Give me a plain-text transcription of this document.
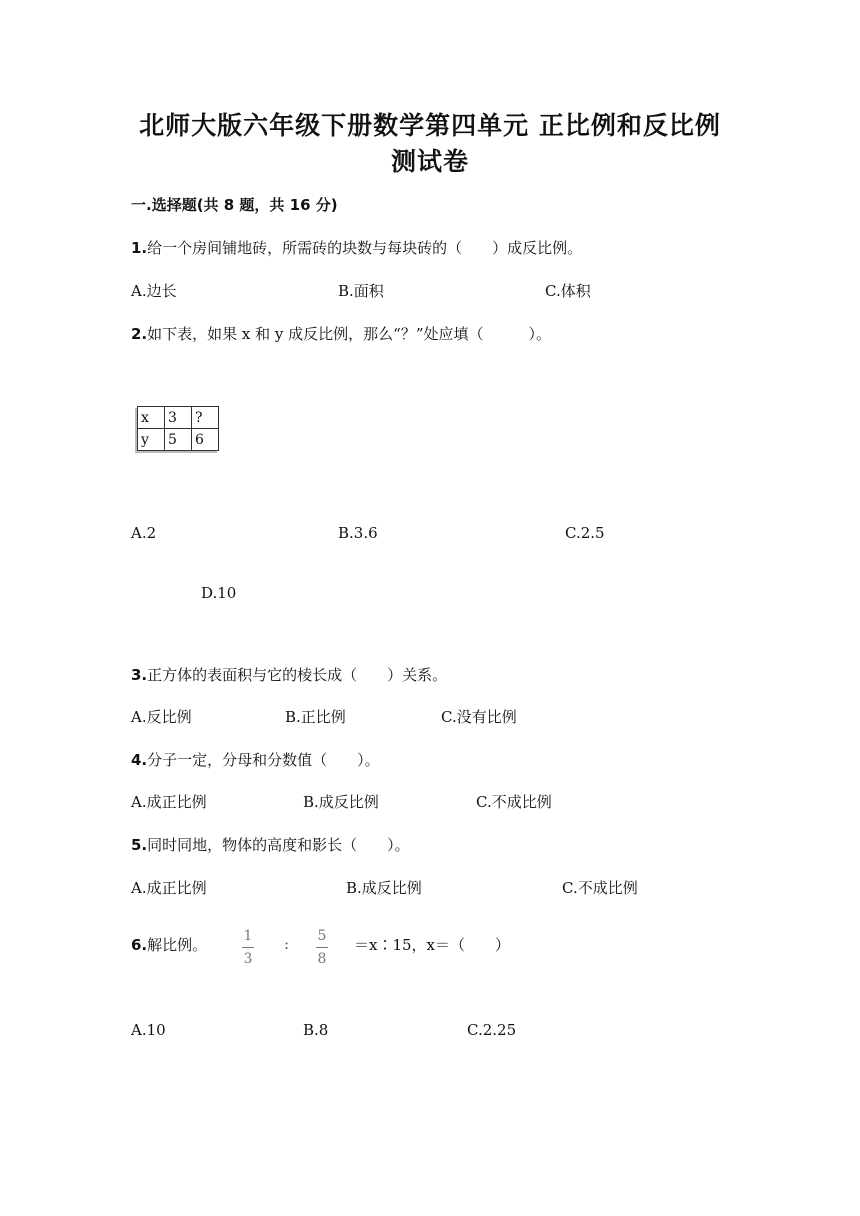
北师大版六年级下册数学第四单元 正比例和反比例
测试卷
一.选择题(共 8 题，共 16 分)
1.给一个房间铺地砖，所需砖的块数与每块砖的（　　）成反比例。
A.边长	B.面积	C.体积
2.如下表，如果 x 和 y 成反比例，那么“？”处应填（　　　）。
x	3	?
y	5	6
A.2	B.3.6	C.2.5
D.10
3.正方体的表面积与它的棱长成（　　）关系。
A.反比例	B.正比例	C.没有比例
4.分子一定，分母和分数值（　　）。
A.成正比例	B.成反比例	C.不成比例
5.同时同地，物体的高度和影长（　　）。
A.成正比例	B.成反比例	C.不成比例
6.解比例。	1
3
: 5
8
＝x∶15，x＝（　　）
A.10	B.8	C.2.25
